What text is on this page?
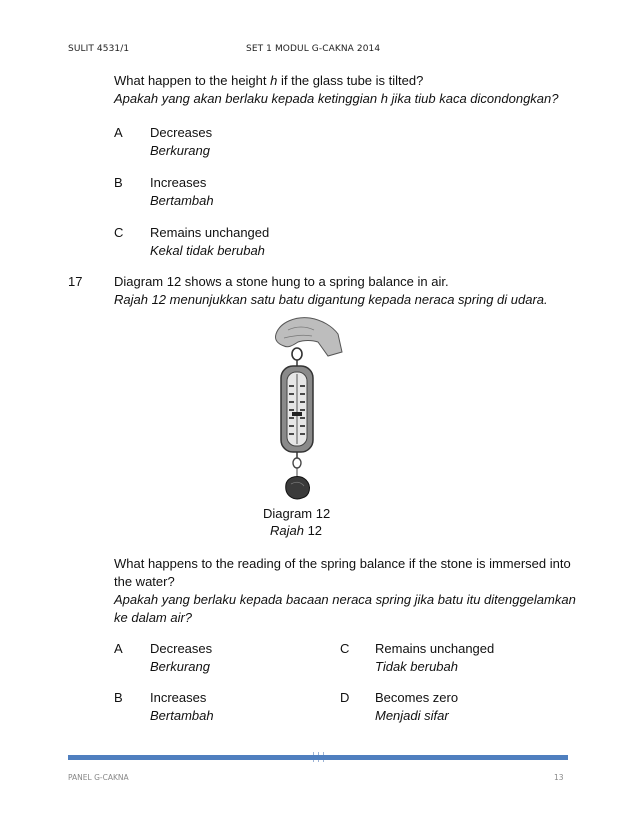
SULIT 4531/1	SET 1 MODUL G-CAKNA 2014
What happen to the height h if the glass tube is tilted?
Apakah yang akan berlaku kepada ketinggian h jika tiub kaca dicondongkan?
A Decreases
Berkurang
B Increases
Bertambah
C Remains unchanged
Kekal tidak berubah
17 Diagram 12 shows a stone hung to a spring balance in air.
Rajah 12 menunjukkan satu batu digantung kepada neraca spring di udara.
Diagram 12
Rajah 12
What happens to the reading of the spring balance if the stone is immersed into
the water?
Apakah yang berlaku kepada bacaan neraca spring jika batu itu ditenggelamkan
ke dalam air?
A Decreases
Berkurang
B Increases
Bertambah
C Remains unchanged
Tidak berubah
D Becomes zero
Menjadi sifar
PANEL G-CAKNA	13
